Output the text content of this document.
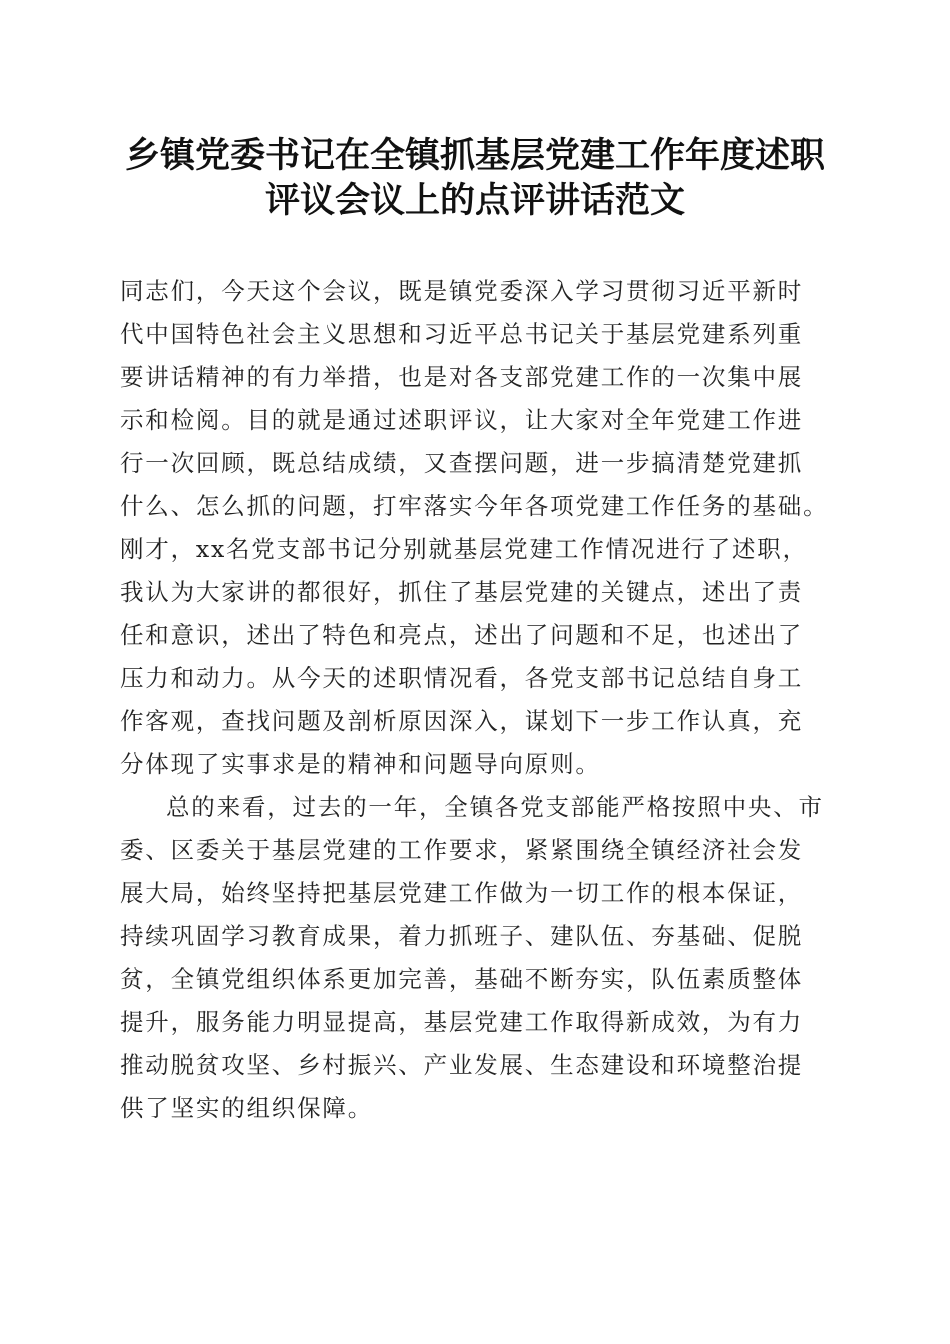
乡镇党委书记在全镇抓基层党建工作年度述职
评议会议上的点评讲话范文
同志们，今天这个会议，既是镇党委深入学习贯彻习近平新时
代中国特色社会主义思想和习近平总书记关于基层党建系列重
要讲话精神的有力举措，也是对各支部党建工作的一次集中展
示和检阅。目的就是通过述职评议，让大家对全年党建工作进
行一次回顾，既总结成绩，又查摆问题，进一步搞清楚党建抓
什么、怎么抓的问题，打牢落实今年各项党建工作任务的基础。
刚才，xx名党支部书记分别就基层党建工作情况进行了述职，
我认为大家讲的都很好，抓住了基层党建的关键点，述出了责
任和意识，述出了特色和亮点，述出了问题和不足，也述出了
压力和动力。从今天的述职情况看，各党支部书记总结自身工
作客观，查找问题及剖析原因深入，谋划下一步工作认真，充
分体现了实事求是的精神和问题导向原则。
总的来看，过去的一年，全镇各党支部能严格按照中央、市
委、区委关于基层党建的工作要求，紧紧围绕全镇经济社会发
展大局，始终坚持把基层党建工作做为一切工作的根本保证，
持续巩固学习教育成果，着力抓班子、建队伍、夯基础、促脱
贫，全镇党组织体系更加完善，基础不断夯实，队伍素质整体
提升，服务能力明显提高，基层党建工作取得新成效，为有力
推动脱贫攻坚、乡村振兴、产业发展、生态建设和环境整治提
供了坚实的组织保障。
